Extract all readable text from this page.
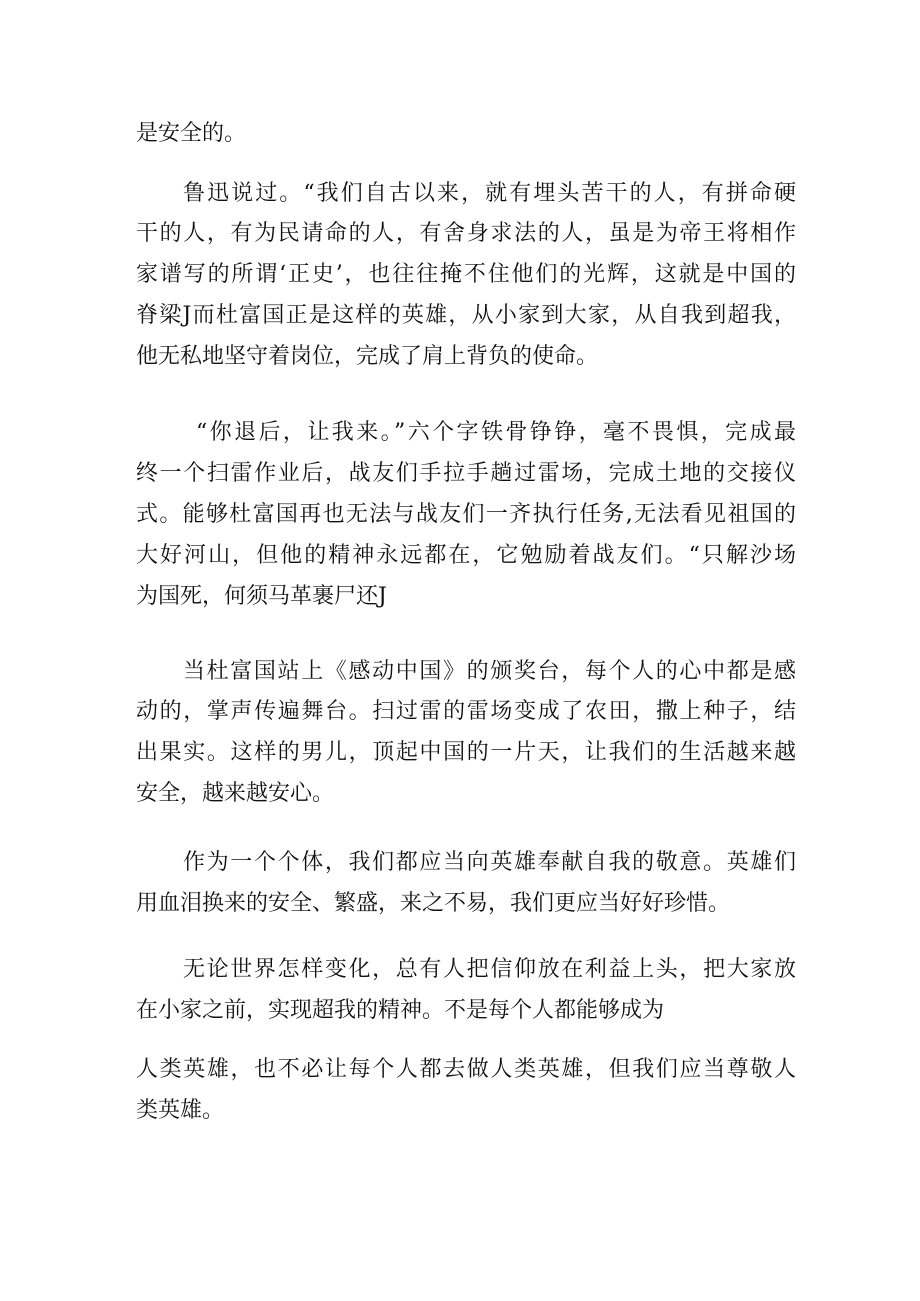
是安全的。
鲁迅说过。“我们自古以来，就有埋头苦干的人，有拼命硬
干的人，有为民请命的人，有舍身求法的人，虽是为帝王将相作
家谱写的所谓‘正史’，也往往掩不住他们的光辉，这就是中国的
脊梁J而杜富国正是这样的英雄，从小家到大家，从自我到超我，
他无私地坚守着岗位，完成了肩上背负的使命。
“你退后，让我来。”六个字铁骨铮铮，毫不畏惧，完成最
终一个扫雷作业后，战友们手拉手趟过雷场，完成土地的交接仪
式。能够杜富国再也无法与战友们一齐执行任务,无法看见祖国的
大好河山，但他的精神永远都在，它勉励着战友们。“只解沙场
为国死，何须马革裹尸还J
当杜富国站上《感动中国》的颁奖台，每个人的心中都是感
动的，掌声传遍舞台。扫过雷的雷场变成了农田，撒上种子，结
出果实。这样的男儿，顶起中国的一片天，让我们的生活越来越
安全，越来越安心。
作为一个个体，我们都应当向英雄奉献自我的敬意。英雄们
用血泪换来的安全、繁盛，来之不易，我们更应当好好珍惜。
无论世界怎样变化，总有人把信仰放在利益上头，把大家放
在小家之前，实现超我的精神。不是每个人都能够成为
人类英雄，也不必让每个人都去做人类英雄，但我们应当尊敬人
类英雄。
